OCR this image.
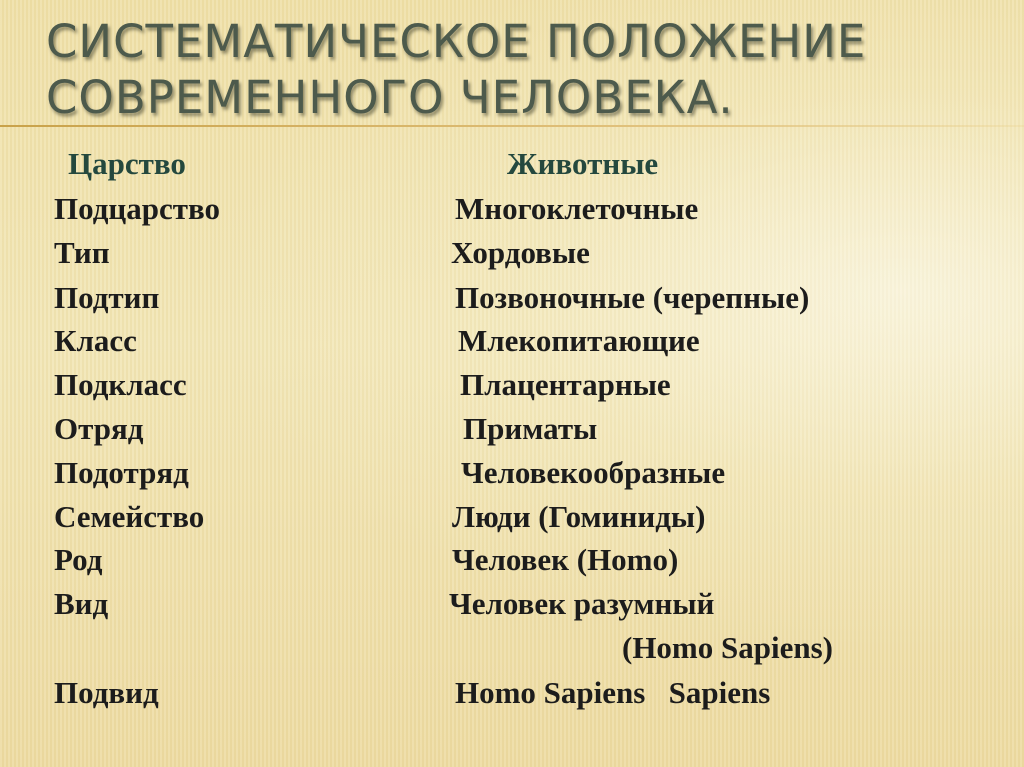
СИСТЕМАТИЧЕСКОЕ ПОЛОЖЕНИЕ
СОВРЕМЕННОГО ЧЕЛОВЕКА.
Царство	Животные
Подцарство	Многоклеточные
Тип	Хордовые
Подтип	Позвоночные (черепные)
Класс	Млекопитающие
Подкласс	Плацентарные
Отряд	Приматы
Подотряд	Человекообразные
Семейство	Люди (Гоминиды)
Род	Человек (Homo)
Вид	Человек разумный
(Homo Sapiens)
Подвид	Homo Sapiens   Sapiens
